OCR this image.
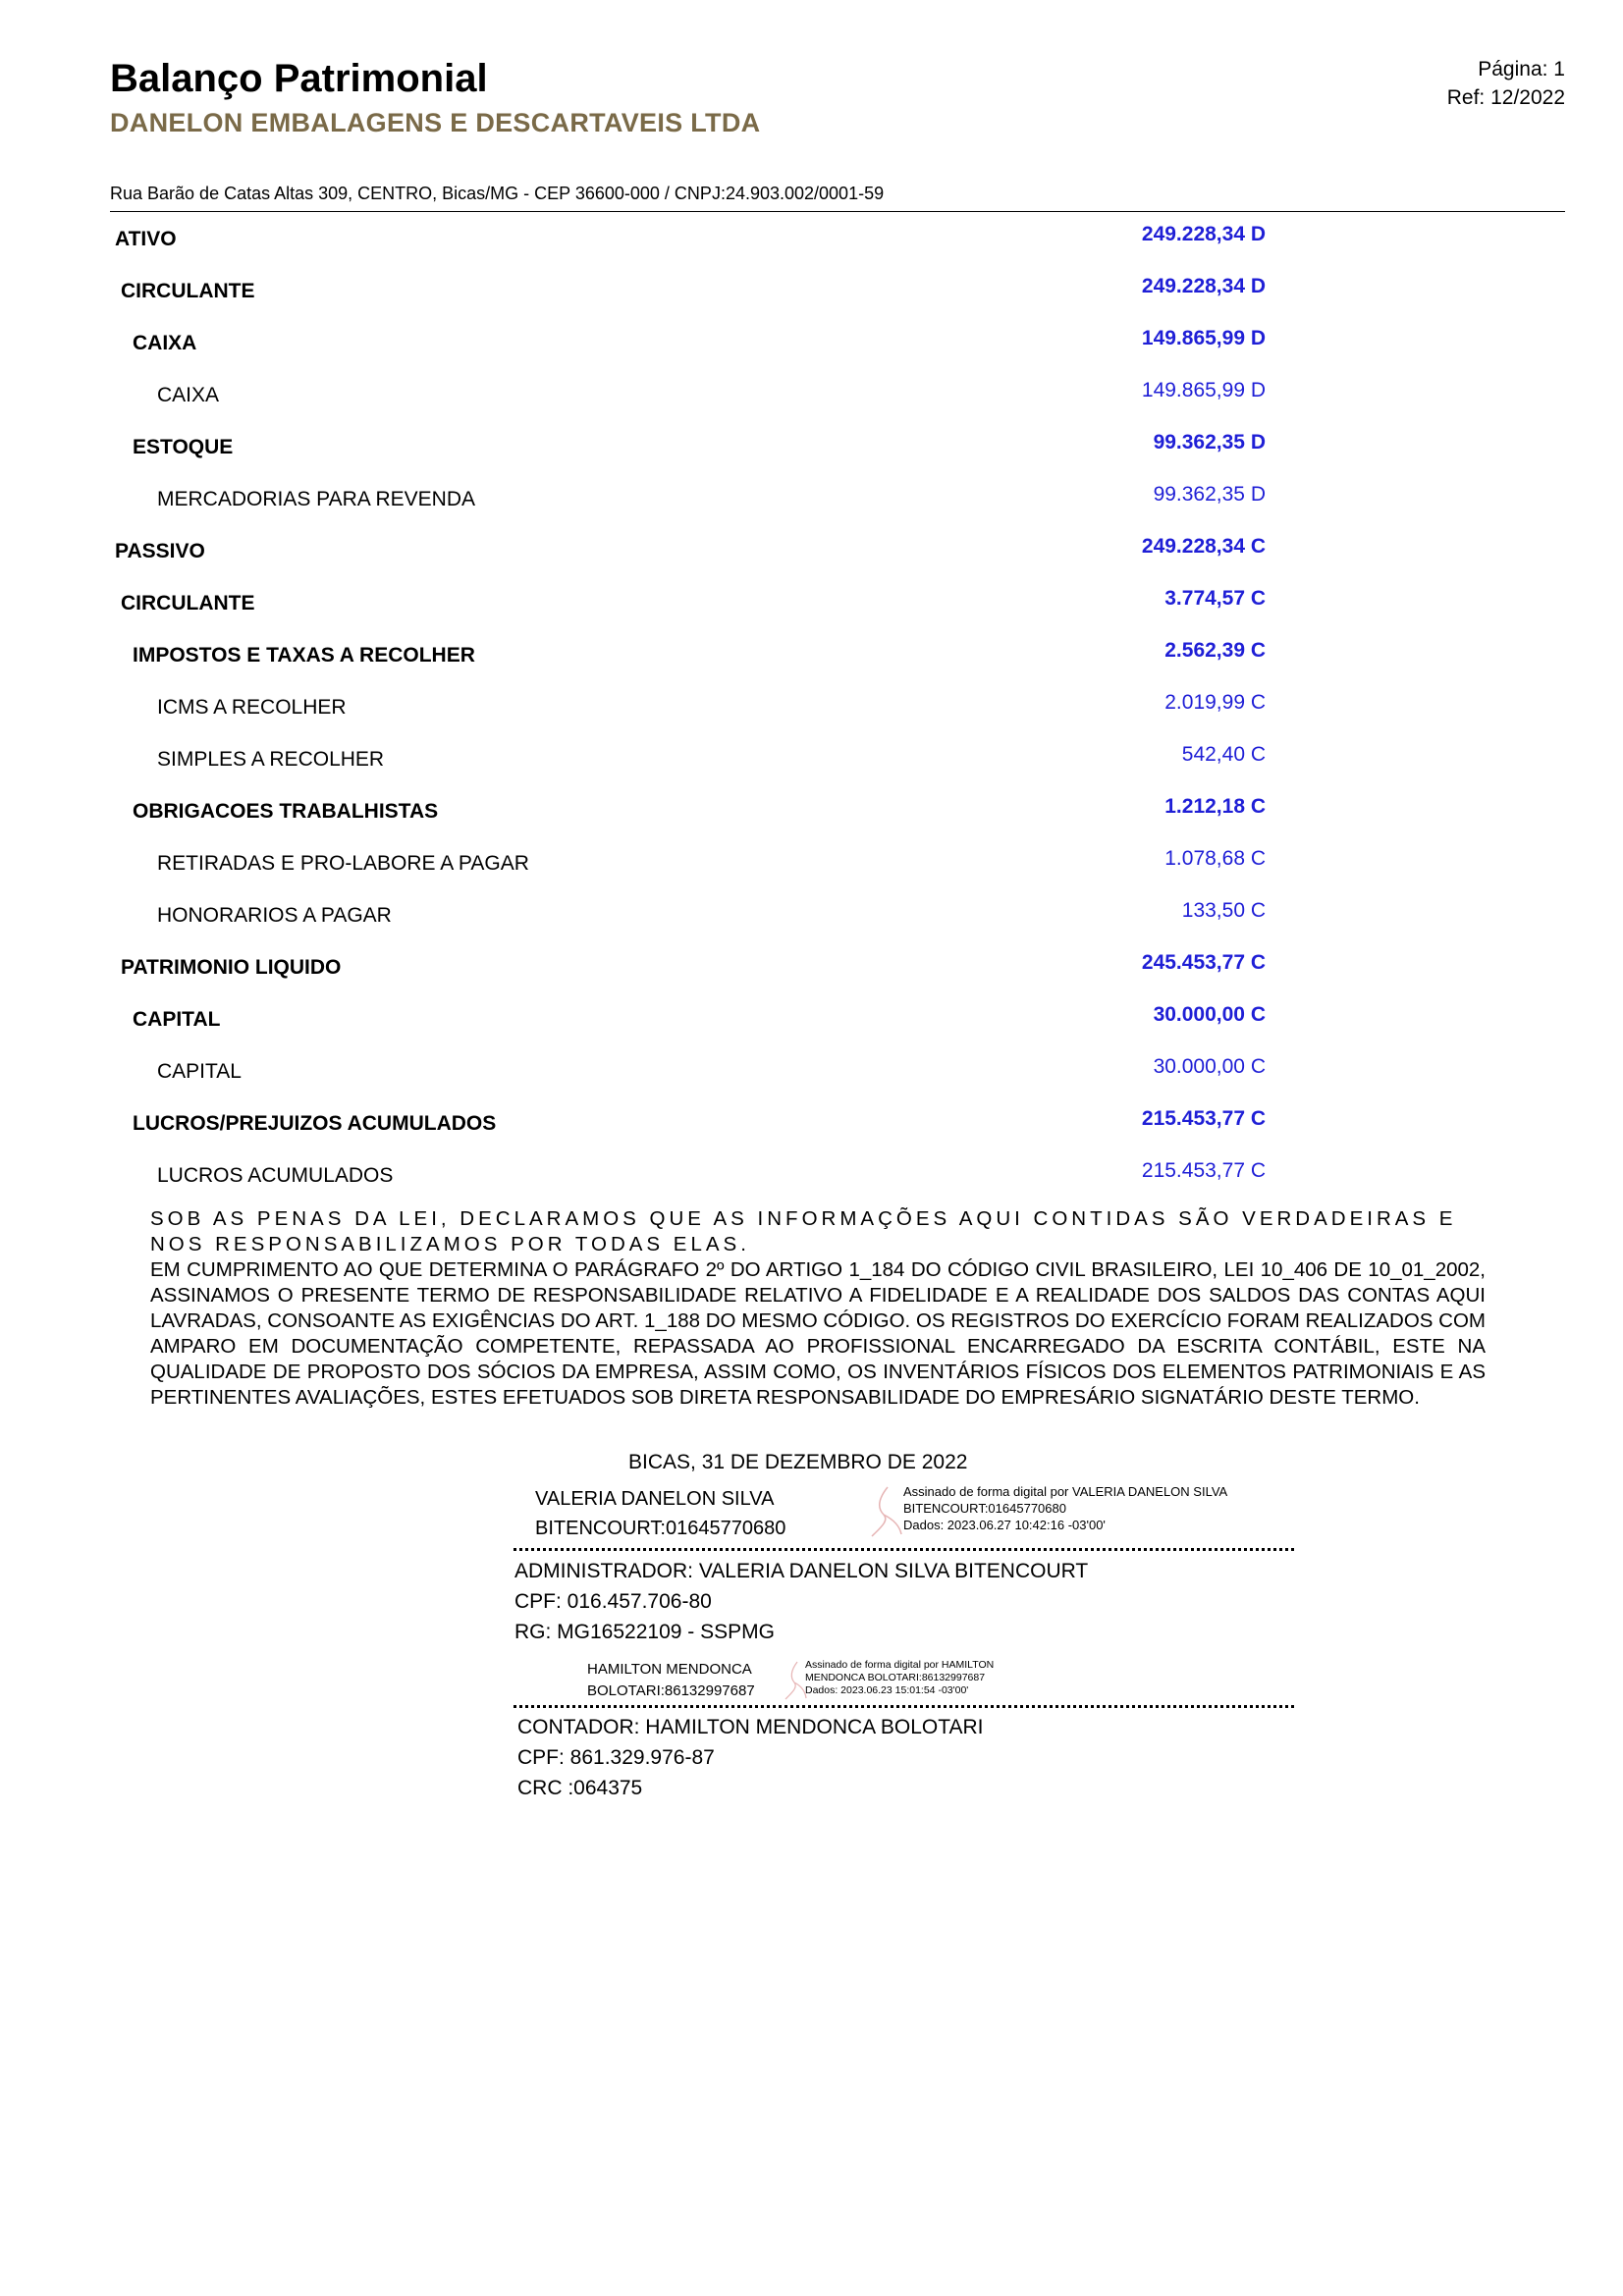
Balanço Patrimonial
DANELON EMBALAGENS E DESCARTAVEIS LTDA
Página: 1
Ref: 12/2022
Rua Barão de Catas Altas 309, CENTRO, Bicas/MG - CEP 36600-000 / CNPJ:24.903.002/0001-59
ATIVO	249.228,34 D
CIRCULANTE	249.228,34 D
CAIXA	149.865,99 D
CAIXA	149.865,99 D
ESTOQUE	99.362,35 D
MERCADORIAS PARA REVENDA	99.362,35 D
PASSIVO	249.228,34 C
CIRCULANTE	3.774,57 C
IMPOSTOS E TAXAS A RECOLHER	2.562,39 C
ICMS A RECOLHER	2.019,99 C
SIMPLES A RECOLHER	542,40 C
OBRIGACOES TRABALHISTAS	1.212,18 C
RETIRADAS E PRO-LABORE A PAGAR	1.078,68 C
HONORARIOS A PAGAR	133,50 C
PATRIMONIO LIQUIDO	245.453,77 C
CAPITAL	30.000,00 C
CAPITAL	30.000,00 C
LUCROS/PREJUIZOS ACUMULADOS	215.453,77 C
LUCROS ACUMULADOS	215.453,77 C
SOB AS PENAS DA LEI, DECLARAMOS QUE AS INFORMAÇÕES AQUI CONTIDAS SÃO VERDADEIRAS E NOS RESPONSABILIZAMOS POR TODAS ELAS.
EM CUMPRIMENTO AO QUE DETERMINA O PARÁGRAFO 2º DO ARTIGO 1_184 DO CÓDIGO CIVIL BRASILEIRO, LEI 10_406 DE 10_01_2002, ASSINAMOS O PRESENTE TERMO DE RESPONSABILIDADE RELATIVO A FIDELIDADE E A REALIDADE DOS SALDOS DAS CONTAS AQUI LAVRADAS, CONSOANTE AS EXIGÊNCIAS DO ART. 1_188 DO MESMO CÓDIGO. OS REGISTROS DO EXERCÍCIO FORAM REALIZADOS COM AMPARO EM DOCUMENTAÇÃO COMPETENTE, REPASSADA AO PROFISSIONAL ENCARREGADO DA ESCRITA CONTÁBIL, ESTE NA QUALIDADE DE PROPOSTO DOS SÓCIOS DA EMPRESA, ASSIM COMO, OS INVENTÁRIOS FÍSICOS DOS ELEMENTOS PATRIMONIAIS E AS PERTINENTES AVALIAÇÕES, ESTES EFETUADOS SOB DIRETA RESPONSABILIDADE DO EMPRESÁRIO SIGNATÁRIO DESTE TERMO.
BICAS, 31 DE DEZEMBRO DE 2022
VALERIA DANELON SILVA
BITENCOURT:01645770680
Assinado de forma digital por VALERIA DANELON SILVA
BITENCOURT:01645770680
Dados: 2023.06.27 10:42:16 -03'00'
ADMINISTRADOR: VALERIA DANELON SILVA BITENCOURT
CPF: 016.457.706-80
RG: MG16522109 - SSPMG
HAMILTON MENDONCA
BOLOTARI:86132997687
Assinado de forma digital por HAMILTON
MENDONCA BOLOTARI:86132997687
Dados: 2023.06.23 15:01:54 -03'00'
CONTADOR: HAMILTON MENDONCA BOLOTARI
CPF: 861.329.976-87
CRC :064375
